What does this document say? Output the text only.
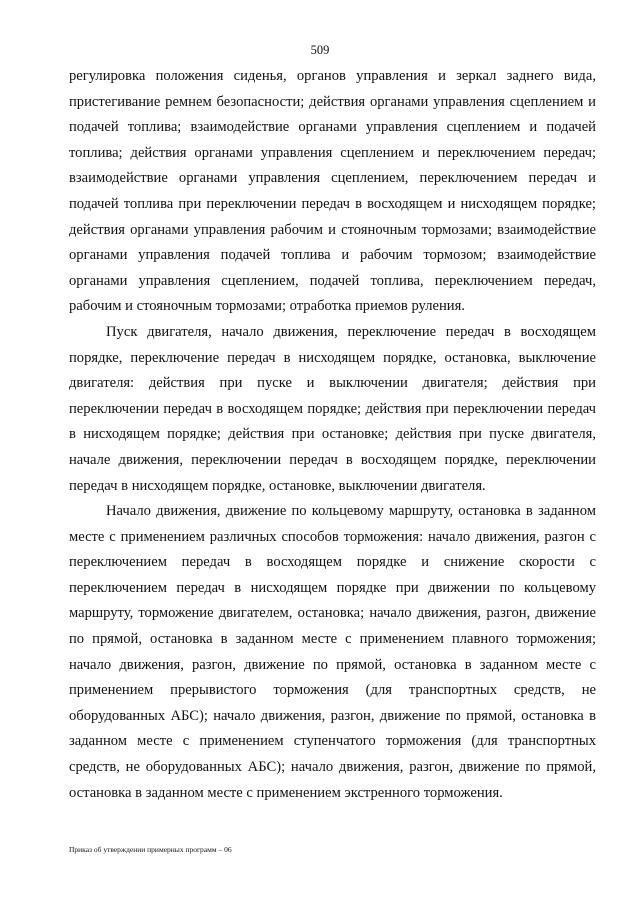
509
регулировка положения сиденья, органов управления и зеркал заднего вида,
пристегивание ремнем безопасности; действия органами управления сцеплением и
подачей топлива; взаимодействие органами управления сцеплением и подачей
топлива; действия органами управления сцеплением и переключением передач;
взаимодействие органами управления сцеплением, переключением передач и
подачей топлива при переключении передач в восходящем и нисходящем порядке;
действия органами управления рабочим и стояночным тормозами; взаимодействие
органами управления подачей топлива и рабочим тормозом; взаимодействие
органами управления сцеплением, подачей топлива, переключением передач,
рабочим и стояночным тормозами; отработка приемов руления.
Пуск двигателя, начало движения, переключение передач в восходящем
порядке, переключение передач в нисходящем порядке, остановка, выключение
двигателя: действия при пуске и выключении двигателя; действия при
переключении передач в восходящем порядке; действия при переключении передач
в нисходящем порядке; действия при остановке; действия при пуске двигателя,
начале движения, переключении передач в восходящем порядке, переключении
передач в нисходящем порядке, остановке, выключении двигателя.
Начало движения, движение по кольцевому маршруту, остановка в заданном
месте с применением различных способов торможения: начало движения, разгон с
переключением передач в восходящем порядке и снижение скорости с
переключением передач в нисходящем порядке при движении по кольцевому
маршруту, торможение двигателем, остановка; начало движения, разгон, движение
по прямой, остановка в заданном месте с применением плавного торможения;
начало движения, разгон, движение по прямой, остановка в заданном месте с
применением прерывистого торможения (для транспортных средств, не
оборудованных АБС); начало движения, разгон, движение по прямой, остановка в
заданном месте с применением ступенчатого торможения (для транспортных
средств, не оборудованных АБС); начало движения, разгон, движение по прямой,
остановка в заданном месте с применением экстренного торможения.
Приказ об утверждении примерных программ – 06
